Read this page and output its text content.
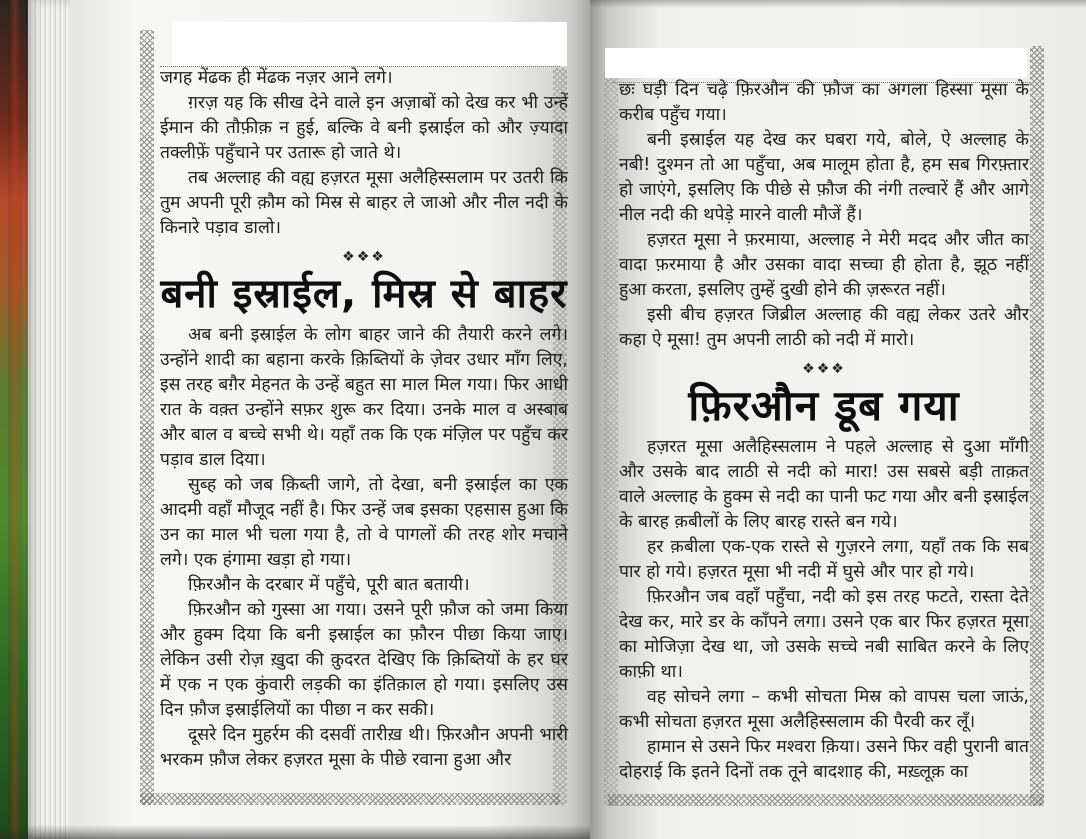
जगह मेंढक ही मेंढक नज़र आने लगे।

ग़रज़ यह कि सीख देने वाले इन अज़ाबों को देख कर भी उन्हें ईमान की तौफ़ीक़ न हुई, बल्कि वे बनी इस्राईल को और ज़्यादा तक्लीफ़ें पहुँचाने पर उतारू हो जाते थे।

तब अल्लाह की वह्य हज़रत मूसा अलैहिस्सलाम पर उतरी कि तुम अपनी पूरी क़ौम को मिस्र से बाहर ले जाओ और नील नदी के किनारे पड़ाव डालो।

❖❖❖
बनी इस्राईल, मिस्र से बाहर

अब बनी इस्राईल के लोग बाहर जाने की तैयारी करने लगे। उन्होंने शादी का बहाना करके क़िब्तियों के ज़ेवर उधार माँग लिए, इस तरह बग़ैर मेहनत के उन्हें बहुत सा माल मिल गया। फिर आधी रात के वक़्त उन्होंने सफ़र शुरू कर दिया। उनके माल व अस्बाब और बाल व बच्चे सभी थे। यहाँ तक कि एक मंज़िल पर पहुँच कर पड़ाव डाल दिया।

सुब्ह को जब क़िब्ती जागे, तो देखा, बनी इस्राईल का एक आदमी वहाँ मौजूद नहीं है। फिर उन्हें जब इसका एहसास हुआ कि उन का माल भी चला गया है, तो वे पागलों की तरह शोर मचाने लगे। एक हंगामा खड़ा हो गया।

फ़िरऔन के दरबार में पहुँचे, पूरी बात बतायी।

फ़िरऔन को गुस्सा आ गया। उसने पूरी फ़ौज को जमा किया और हुक्म दिया कि बनी इस्राईल का फ़ौरन पीछा किया जाए। लेकिन उसी रोज़ ख़ुदा की क़ुदरत देखिए कि क़िब्तियों के हर घर में एक न एक कुंवारी लड़की का इंतिक़ाल हो गया। इसलिए उस दिन फ़ौज इस्राईलियों का पीछा न कर सकी।

दूसरे दिन मुहर्रम की दसवीं तारीख़ थी। फ़िरऔन अपनी भारी भरकम फ़ौज लेकर हज़रत मूसा के पीछे रवाना हुआ और

छः घड़ी दिन चढ़े फ़िरऔन की फ़ौज का अगला हिस्सा मूसा के करीब पहुँच गया।

बनी इस्राईल यह देख कर घबरा गये, बोले, ऐ अल्लाह के नबी! दुश्मन तो आ पहुँचा, अब मालूम होता है, हम सब गिरफ़्तार हो जाएंगे, इसलिए कि पीछे से फ़ौज की नंगी तल्वारें हैं और आगे नील नदी की थपेड़े मारने वाली मौजें हैं।

हज़रत मूसा ने फ़रमाया, अल्लाह ने मेरी मदद और जीत का वादा फ़रमाया है और उसका वादा सच्चा ही होता है, झूठ नहीं हुआ करता, इसलिए तुम्हें दुखी होने की ज़रूरत नहीं।

इसी बीच हज़रत जिब्रील अल्लाह की वह्य लेकर उतरे और कहा ऐ मूसा! तुम अपनी लाठी को नदी में मारो।

❖❖❖
फ़िरऔन डूब गया

हज़रत मूसा अलैहिस्सलाम ने पहले अल्लाह से दुआ माँगी और उसके बाद लाठी से नदी को मारा! उस सबसे बड़ी ताक़त वाले अल्लाह के हुक्म से नदी का पानी फट गया और बनी इस्राईल के बारह क़बीलों के लिए बारह रास्ते बन गये।

हर क़बीला एक-एक रास्ते से गुज़रने लगा, यहाँ तक कि सब पार हो गये। हज़रत मूसा भी नदी में घुसे और पार हो गये।

फ़िरऔन जब वहाँ पहुँचा, नदी को इस तरह फटते, रास्ता देते देख कर, मारे डर के काँपने लगा। उसने एक बार फिर हज़रत मूसा का मोजिज़ा देख था, जो उसके सच्चे नबी साबित करने के लिए काफ़ी था।

वह सोचने लगा – कभी सोचता मिस्र को वापस चला जाऊं, कभी सोचता हज़रत मूसा अलैहिस्सलाम की पैरवी कर लूँ।

हामान से उसने फिर मश्वरा क़िया। उसने फिर वही पुरानी बात दोहराई कि इतने दिनों तक तूने बादशाह की, मख़्लूक़ का
